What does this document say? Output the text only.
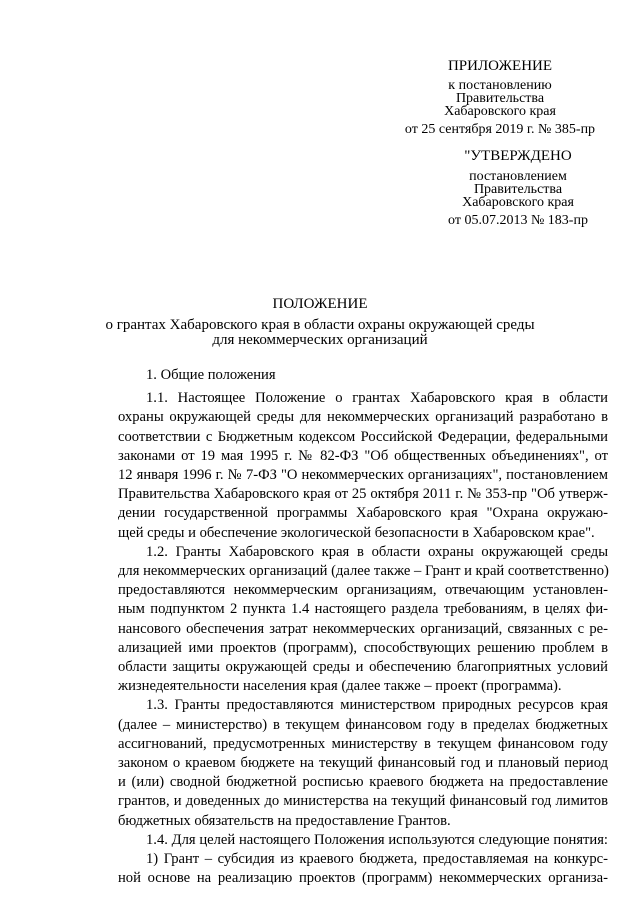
ПРИЛОЖЕНИЕ
к постановлению
Правительства
Хабаровского края
от 25 сентября 2019 г. № 385-пр
"УТВЕРЖДЕНО
постановлением
Правительства
Хабаровского края
от 05.07.2013 № 183-пр
ПОЛОЖЕНИЕ
о грантах Хабаровского края в области охраны окружающей среды
для некоммерческих организаций
1. Общие положения
1.1. Настоящее Положение о грантах Хабаровского края в области
охраны окружающей среды для некоммерческих организаций разработано в
соответствии с Бюджетным кодексом Российской Федерации, федеральными
законами от 19 мая 1995 г. № 82-ФЗ "Об общественных объединениях", от
12 января 1996 г. № 7-ФЗ "О некоммерческих организациях", постановлением
Правительства Хабаровского края от 25 октября 2011 г. № 353-пр "Об утверж-
дении государственной программы Хабаровского края "Охрана окружаю-
щей среды и обеспечение экологической безопасности в Хабаровском крае".
1.2. Гранты Хабаровского края в области охраны окружающей среды
для некоммерческих организаций (далее также – Грант и край соответственно)
предоставляются некоммерческим организациям, отвечающим установлен-
ным подпунктом 2 пункта 1.4 настоящего раздела требованиям, в целях фи-
нансового обеспечения затрат некоммерческих организаций, связанных с ре-
ализацией ими проектов (программ), способствующих решению проблем в
области защиты окружающей среды и обеспечению благоприятных условий
жизнедеятельности населения края (далее также – проект (программа).
1.3. Гранты предоставляются министерством природных ресурсов края
(далее – министерство) в текущем финансовом году в пределах бюджетных
ассигнований, предусмотренных министерству в текущем финансовом году
законом о краевом бюджете на текущий финансовый год и плановый период
и (или) сводной бюджетной росписью краевого бюджета на предоставление
грантов, и доведенных до министерства на текущий финансовый год лимитов
бюджетных обязательств на предоставление Грантов.
1.4. Для целей настоящего Положения используются следующие понятия:
1) Грант – субсидия из краевого бюджета, предоставляемая на конкурс-
ной основе на реализацию проектов (программ) некоммерческих организа-
